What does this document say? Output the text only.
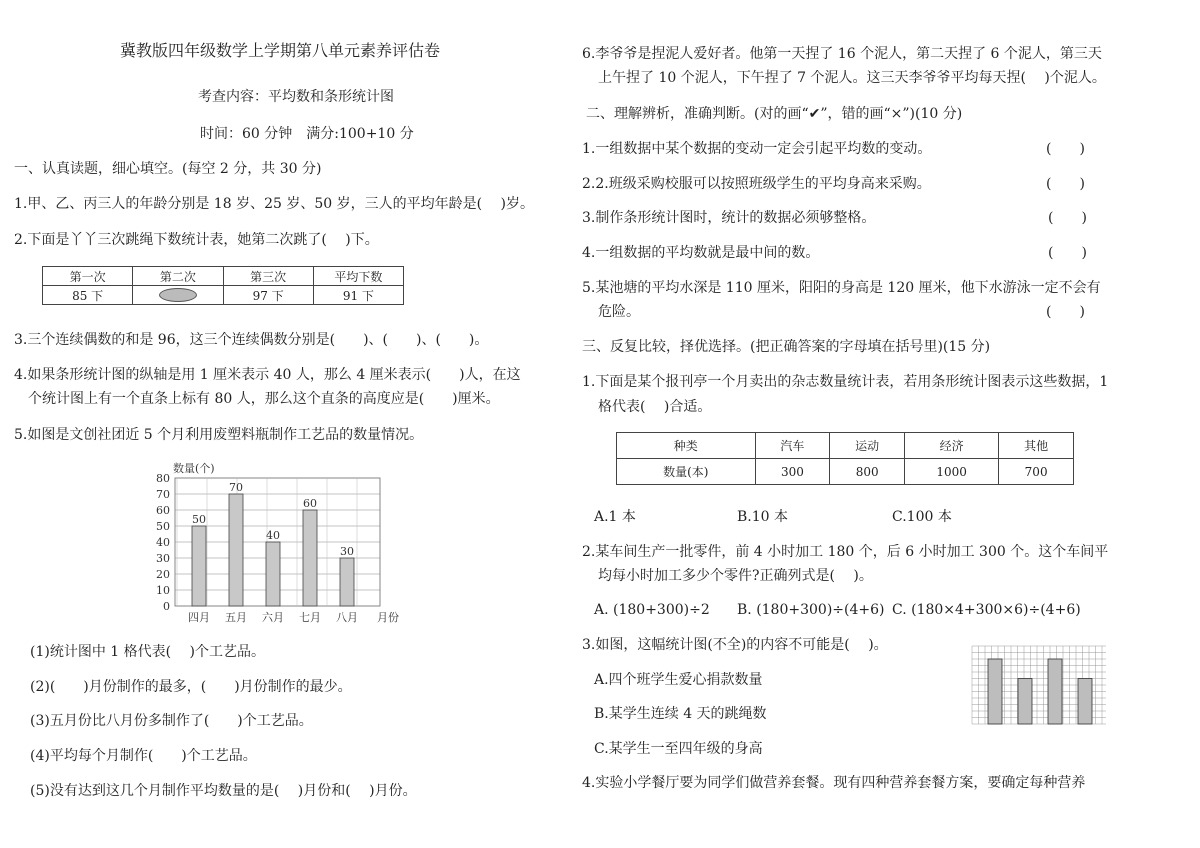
冀教版四年级数学上学期第八单元素养评估卷
考查内容：平均数和条形统计图
时间：60 分钟　满分:100+10 分
一、认真读题，细心填空。(每空 2 分，共 30 分)
1.甲、乙、丙三人的年龄分别是 18 岁、25 岁、50 岁，三人的平均年龄是(　 )岁。
2.下面是丫丫三次跳绳下数统计表，她第二次跳了(　 )下。
第一次	第二次	第三次	平均下数
85 下		97 下	91 下
3.三个连续偶数的和是 96，这三个连续偶数分别是(　　)、(　　)、(　　)。
4.如果条形统计图的纵轴是用 1 厘米表示 40 人，那么 4 厘米表示(　　)人，在这
个统计图上有一个直条上标有 80 人，那么这个直条的高度应是(　　)厘米。
5.如图是文创社团近 5 个月利用废塑料瓶制作工艺品的数量情况。
0
10
20
30
40
50
60
70
80
数量(个)
50
四月
70
五月
40
六月
60
七月
30
八月 月份
(1)统计图中 1 格代表(　 )个工艺品。
(2)(　　)月份制作的最多，(　　)月份制作的最少。
(3)五月份比八月份多制作了(　　)个工艺品。
(4)平均每个月制作(　　)个工艺品。
(5)没有达到这几个月制作平均数量的是(　 )月份和(　 )月份。
6.李爷爷是捏泥人爱好者。他第一天捏了 16 个泥人，第二天捏了 6 个泥人，第三天
上午捏了 10 个泥人，下午捏了 7 个泥人。这三天李爷爷平均每天捏(　 )个泥人。
二、理解辨析，准确判断。(对的画“✔”，错的画“×”)(10 分)
1.一组数据中某个数据的变动一定会引起平均数的变动。	(　　)
2.2.班级采购校服可以按照班级学生的平均身高来采购。	(　　)
3.制作条形统计图时，统计的数据必须够整格。	(　　)
4.一组数据的平均数就是最中间的数。	(　　)
5.某池塘的平均水深是 110 厘米，阳阳的身高是 120 厘米，他下水游泳一定不会有
危险。	(　　)
三、反复比较，择优选择。(把正确答案的字母填在括号里)(15 分)
1.下面是某个报刊亭一个月卖出的杂志数量统计表，若用条形统计图表示这些数据，1
格代表(　 )合适。
种类	汽车	运动	经济	其他
数量(本)	300	800	1000	700
A.1 本	B.10 本	C.100 本
2.某车间生产一批零件，前 4 小时加工 180 个，后 6 小时加工 300 个。这个车间平
均每小时加工多少个零件?正确列式是(　 )。
A. (180+300)÷2 B. (180+300)÷(4+6) C. (180×4+300×6)÷(4+6)
3.如图，这幅统计图(不全)的内容不可能是(　 )。
A.四个班学生爱心捐款数量
B.某学生连续 4 天的跳绳数
C.某学生一至四年级的身高
4.实验小学餐厅要为同学们做营养套餐。现有四种营养套餐方案，要确定每种营养
